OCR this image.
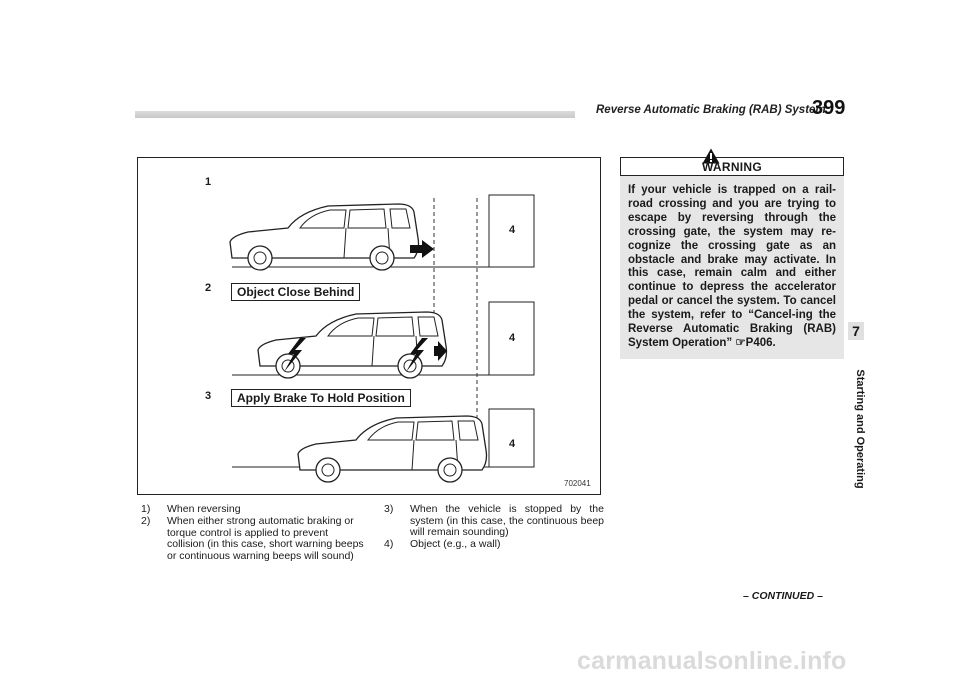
Reverse Automatic Braking (RAB) System
399
1
2	Object Close Behind
3	Apply Brake To Hold Position
4
4
4
702041
1) When reversing
2) When either strong automatic braking or torque control is applied to prevent collision (in this case, short warning beeps or continuous warning beeps will sound)
3) When the vehicle is stopped by the system (in this case, the continuous beep will remain sounding)
4) Object (e.g., a wall)
WARNING
If your vehicle is trapped on a rail-road crossing and you are trying to escape by reversing through the crossing gate, the system may re-cognize the crossing gate as an obstacle and brake may activate. In this case, remain calm and either continue to depress the accelerator pedal or cancel the system. To cancel the system, refer to “Cancel-ing the Reverse Automatic Braking (RAB) System Operation” ☞P406.
7
Starting and Operating
– CONTINUED –
carmanualsonline.info
